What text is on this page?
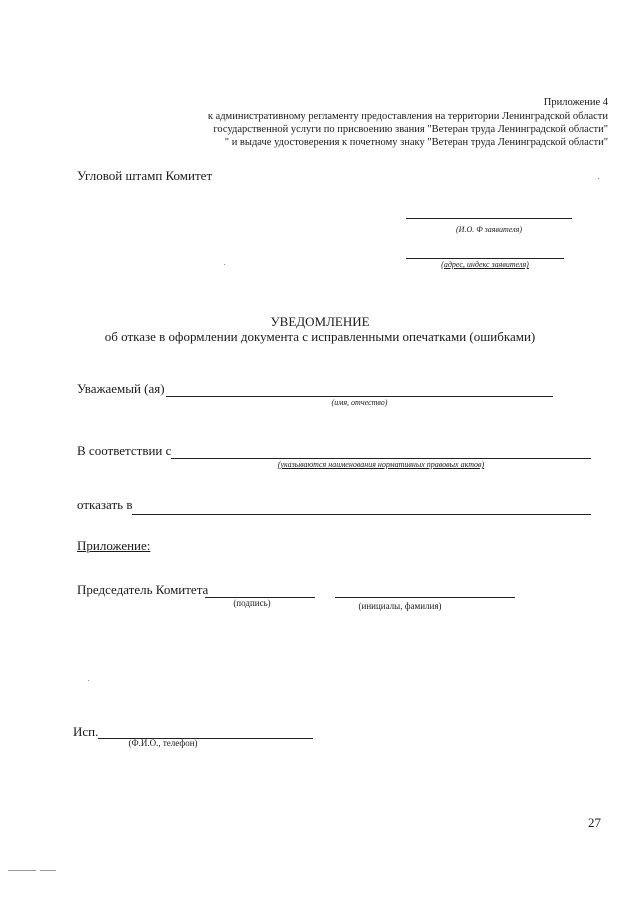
Приложение 4
к административному регламенту предоставления на территории Ленинградской области
государственной услуги по присвоению звания "Ветеран труда Ленинградской области"
" и выдаче удостоверения к почетному знаку "Ветеран труда Ленинградской области"
Угловой штамп Комитет
(И.О. Ф заявителя)
(адрес, индекс заявителя)
УВЕДОМЛЕНИЕ
об отказе в оформлении документа с исправленными опечатками (ошибками)
Уважаемый (ая)
(имя, отчество)
В соответствии с
(указываются наименования нормативных правовых актов)
отказать в
Приложение:
Председатель Комитета
(подпись)	(инициалы, фамилия)
Исп.
(Ф.И.О., телефон)
27
